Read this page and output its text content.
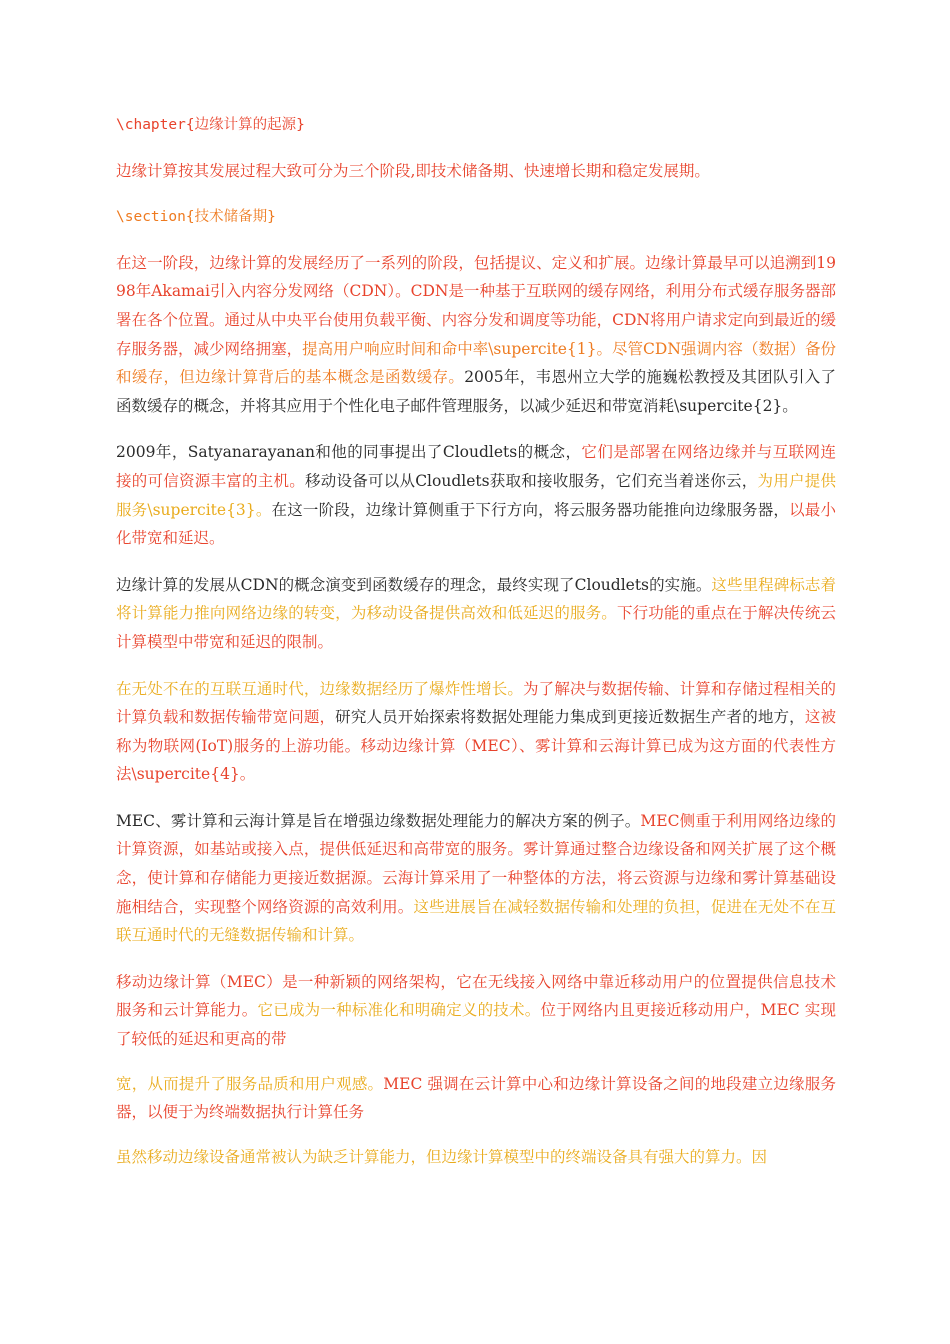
\chapter{边缘计算的起源}

边缘计算按其发展过程大致可分为三个阶段,即技术储备期、快速增长期和稳定发展期。

\section{技术储备期}

在这一阶段，边缘计算的发展经历了一系列的阶段，包括提议、定义和扩展。边缘计算最早可以追溯到1998年Akamai引入内容分发网络（CDN）。CDN是一种基于互联网的缓存网络，利用分布式缓存服务器部署在各个位置。通过从中央平台使用负载平衡、内容分发和调度等功能，CDN将用户请求定向到最近的缓存服务器，减少网络拥塞，提高用户响应时间和命中率\supercite{1}。尽管CDN强调内容（数据）备份和缓存，但边缘计算背后的基本概念是函数缓存。2005年，韦恩州立大学的施巍松教授及其团队引入了函数缓存的概念，并将其应用于个性化电子邮件管理服务，以减少延迟和带宽消耗\supercite{2}。

2009年，Satyanarayanan和他的同事提出了Cloudlets的概念，它们是部署在网络边缘并与互联网连接的可信资源丰富的主机。移动设备可以从Cloudlets获取和接收服务，它们充当着迷你云，为用户提供服务\supercite{3}。在这一阶段，边缘计算侧重于下行方向，将云服务器功能推向边缘服务器，以最小化带宽和延迟。

边缘计算的发展从CDN的概念演变到函数缓存的理念，最终实现了Cloudlets的实施。这些里程碑标志着将计算能力推向网络边缘的转变，为移动设备提供高效和低延迟的服务。下行功能的重点在于解决传统云计算模型中带宽和延迟的限制。

在无处不在的互联互通时代，边缘数据经历了爆炸性增长。为了解决与数据传输、计算和存储过程相关的计算负载和数据传输带宽问题，研究人员开始探索将数据处理能力集成到更接近数据生产者的地方，这被称为物联网(IoT)服务的上游功能。移动边缘计算（MEC）、雾计算和云海计算已成为这方面的代表性方法\supercite{4}。

MEC、雾计算和云海计算是旨在增强边缘数据处理能力的解决方案的例子。MEC侧重于利用网络边缘的计算资源，如基站或接入点，提供低延迟和高带宽的服务。雾计算通过整合边缘设备和网关扩展了这个概念，使计算和存储能力更接近数据源。云海计算采用了一种整体的方法，将云资源与边缘和雾计算基础设施相结合，实现整个网络资源的高效利用。这些进展旨在减轻数据传输和处理的负担，促进在无处不在互联互通时代的无缝数据传输和计算。

移动边缘计算（MEC）是一种新颖的网络架构，它在无线接入网络中靠近移动用户的位置提供信息技术服务和云计算能力。它已成为一种标准化和明确定义的技术。位于网络内且更接近移动用户，MEC 实现了较低的延迟和更高的带

宽，从而提升了服务品质和用户观感。MEC 强调在云计算中心和边缘计算设备之间的地段建立边缘服务器，以便于为终端数据执行计算任务

虽然移动边缘设备通常被认为缺乏计算能力，但边缘计算模型中的终端设备具有强大的算力。因
